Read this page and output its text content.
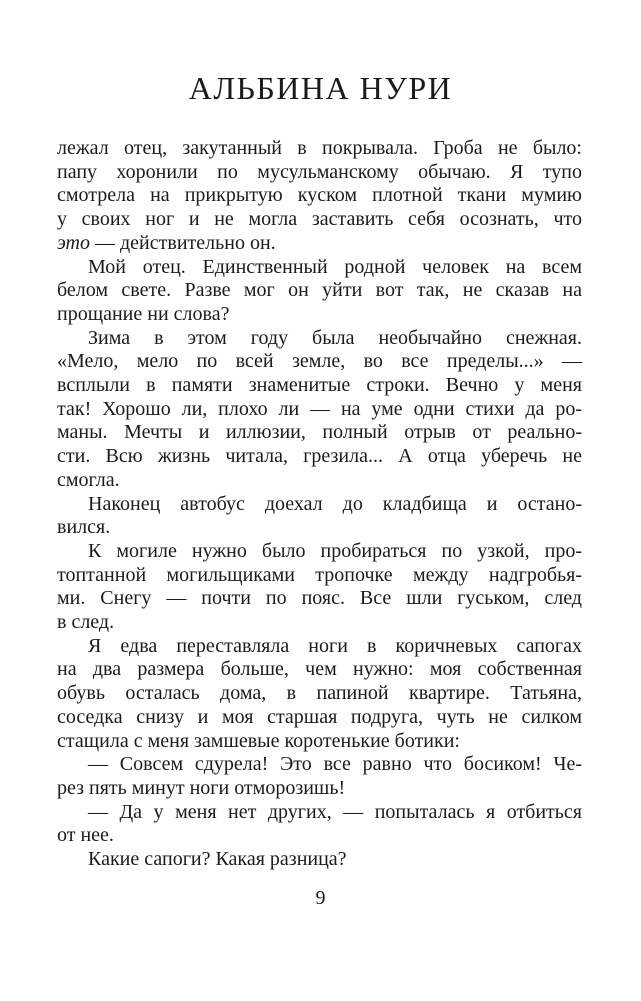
АЛЬБИНА НУРИ

лежал отец, закутанный в покрывала. Гроба не было:
папу хоронили по мусульманскому обычаю. Я тупо
смотрела на прикрытую куском плотной ткани мумию
у своих ног и не могла заставить себя осознать, что
это — действительно он.

Мой отец. Единственный родной человек на всем
белом свете. Разве мог он уйти вот так, не сказав на
прощание ни слова?

Зима в этом году была необычайно снежная.
«Мело, мело по всей земле, во все пределы...» —
всплыли в памяти знаменитые строки. Вечно у меня
так! Хорошо ли, плохо ли — на уме одни стихи да ро-
маны. Мечты и иллюзии, полный отрыв от реально-
сти. Всю жизнь читала, грезила... А отца уберечь не
смогла.

Наконец автобус доехал до кладбища и остано-
вился.

К могиле нужно было пробираться по узкой, про-
топтанной могильщиками тропочке между надгробья-
ми. Снегу — почти по пояс. Все шли гуськом, след
в след.

Я едва переставляла ноги в коричневых сапогах
на два размера больше, чем нужно: моя собственная
обувь осталась дома, в папиной квартире. Татьяна,
соседка снизу и моя старшая подруга, чуть не силком
стащила с меня замшевые коротенькие ботики:

— Совсем сдурела! Это все равно что босиком! Че-
рез пять минут ноги отморозишь!

— Да у меня нет других, — попыталась я отбиться
от нее.

Какие сапоги? Какая разница?

9
